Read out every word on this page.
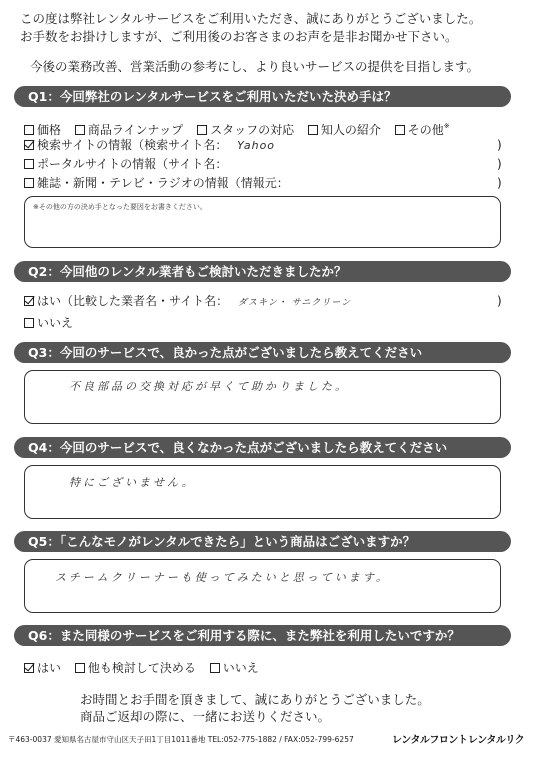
この度は弊社レンタルサービスをご利用いただき、誠にありがとうございました。
お手数をお掛けしますが、ご利用後のお客さまのお声を是非お聞かせ下さい。
今後の業務改善、営業活動の参考にし、より良いサービスの提供を目指します。
Q1：今回弊社のレンタルサービスをご利用いただいた決め手は？
価格 商品ラインナップ スタッフの対応 知人の紹介 その他※
検索サイトの情報（検索サイト名： Yahoo	)
ポータルサイトの情報（サイト名：	)
雑誌・新聞・テレビ・ラジオの情報（情報元：	)
※その他の方の決め手となった要因をお書きください。
Q2：今回他のレンタル業者もご検討いただきましたか？
はい（比較した業者名・サイト名： ダスキン・ サニクリーン	)
いいえ
Q3：今回のサービスで、良かった点がございましたら教えてください
不良部品の交換対応が早くて助かりました。
Q4：今回のサービスで、良くなかった点がございましたら教えてください
特にございません。
Q5：「こんなモノがレンタルできたら」という商品はございますか？
スチームクリーナーも使ってみたいと思っています。
Q6：また同様のサービスをご利用する際に、また弊社を利用したいですか？
はい 他も検討して決める いいえ
お時間とお手間を頂きまして、誠にありがとうございました。
商品ご返却の際に、一緒にお送りください。
〒463-0037 愛知県名古屋市守山区天子田1丁目1011番地 TEL:052-775-1882 / FAX:052-799-6257	レンタルフロント レンタルリク
